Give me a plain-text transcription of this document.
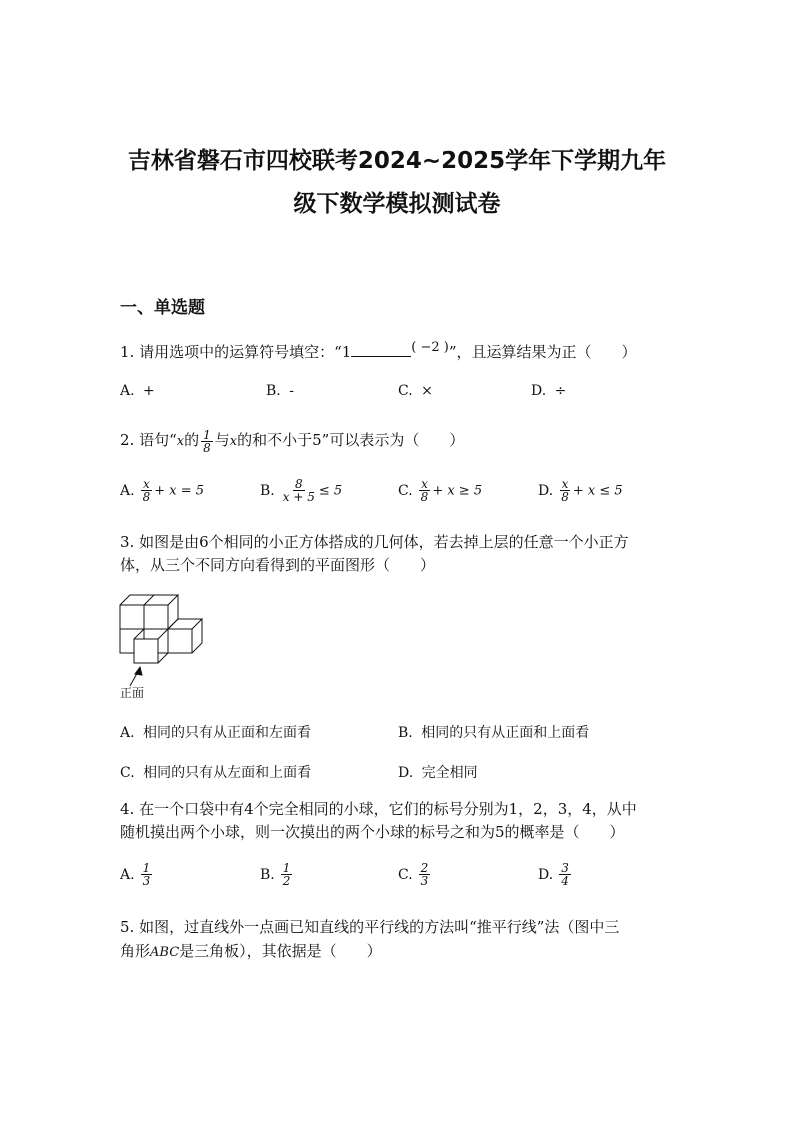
吉林省磐石市四校联考2024~2025学年下学期九年
级下数学模拟测试卷
一、单选题
1. 请用选项中的运算符号填空：“1	( −2 )”，且运算结果为正（　　）
A. +	B. -	C. ×	D. ÷
2. 语句“x的 $\frac{1}{8}$ 与x的和不小于5”可以表示为（　　）
A. $\frac{x}{8} + x = 5$	B. $\frac{8}{x + 5} \le 5$	C. $\frac{x}{8} + x \ge 5$	D. $\frac{x}{8} + x \le 5$
3. 如图是由6个相同的小正方体搭成的几何体，若去掉上层的任意一个小正方
体，从三个不同方向看得到的平面图形（　　）
正面
A. 相同的只有从正面和左面看	B. 相同的只有从正面和上面看
C. 相同的只有从左面和上面看	D. 完全相同
4. 在一个口袋中有4个完全相同的小球，它们的标号分别为1，2，3，4，从中
随机摸出两个小球，则一次摸出的两个小球的标号之和为5的概率是（　　）
A. $\frac{1}{3}$	B. $\frac{1}{2}$	C. $\frac{2}{3}$	D. $\frac{3}{4}$
5. 如图，过直线外一点画已知直线的平行线的方法叫“推平行线”法（图中三
角形ABC是三角板），其依据是（　　）
